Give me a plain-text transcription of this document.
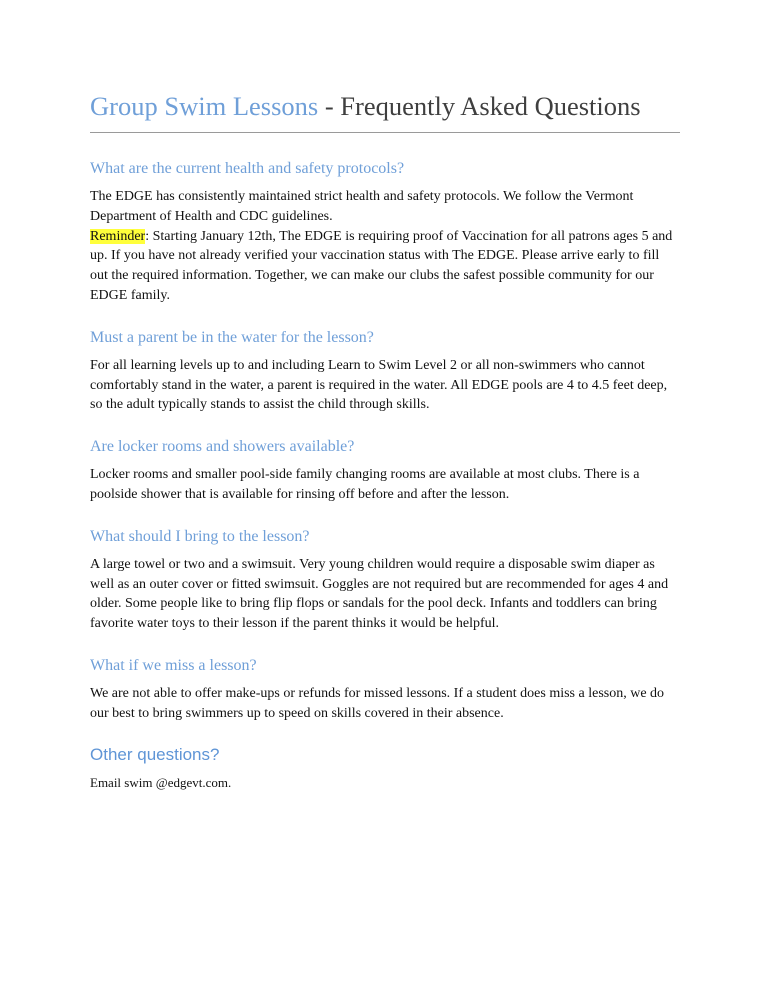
Group Swim Lessons - Frequently Asked Questions
What are the current health and safety protocols?

The EDGE has consistently maintained strict health and safety protocols. We follow the Vermont Department of Health and CDC guidelines.
Reminder: Starting January 12th, The EDGE is requiring proof of Vaccination for all patrons ages 5 and up. If you have not already verified your vaccination status with The EDGE. Please arrive early to fill out the required information. Together, we can make our clubs the safest possible community for our EDGE family.

Must a parent be in the water for the lesson?

For all learning levels up to and including Learn to Swim Level 2 or all non-swimmers who cannot comfortably stand in the water, a parent is required in the water. All EDGE pools are 4 to 4.5 feet deep, so the adult typically stands to assist the child through skills.

Are locker rooms and showers available?

Locker rooms and smaller pool-side family changing rooms are available at most clubs. There is a poolside shower that is available for rinsing off before and after the lesson.

What should I bring to the lesson?

A large towel or two and a swimsuit. Very young children would require a disposable swim diaper as well as an outer cover or fitted swimsuit. Goggles are not required but are recommended for ages 4 and older. Some people like to bring flip flops or sandals for the pool deck. Infants and toddlers can bring favorite water toys to their lesson if the parent thinks it would be helpful.

What if we miss a lesson?

We are not able to offer make-ups or refunds for missed lessons. If a student does miss a lesson, we do our best to bring swimmers up to speed on skills covered in their absence.

Other questions?

Email swim @edgevt.com.
